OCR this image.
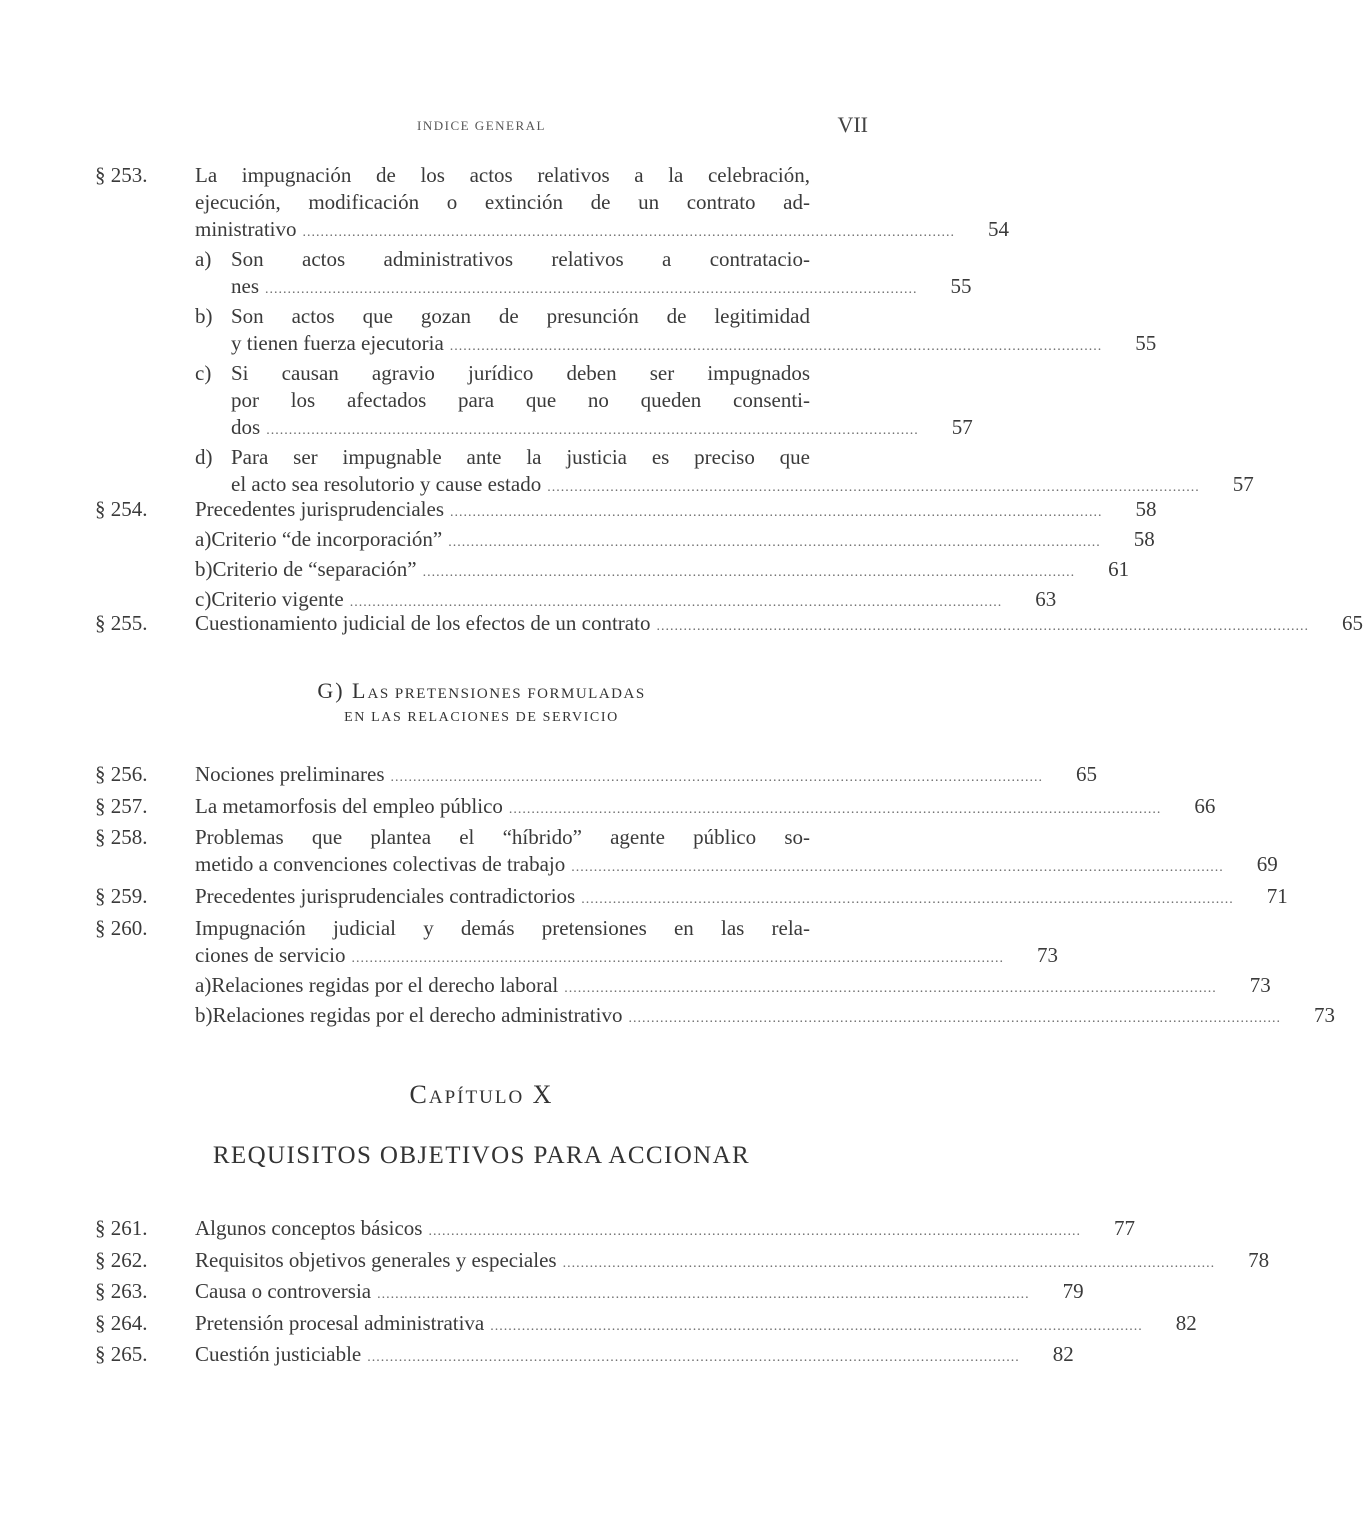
INDICE GENERAL	VII
§ 253.	La impugnación de los actos relativos a la celebración,
ejecución, modificación o extinción de un contrato ad-
ministrativo .................................................................................................................................................	54
a) Son actos administrativos relativos a contratacio-
nes .................................................................................................................................................	55
b) Son actos que gozan de presunción de legitimidad
y tienen fuerza ejecutoria .................................................................................................................................................	55
c) Si causan agravio jurídico deben ser impugnados
por los afectados para que no queden consenti-
dos .................................................................................................................................................	57
d) Para ser impugnable ante la justicia es preciso que
el acto sea resolutorio y cause estado .................................................................................................................................................	57
§ 254.	Precedentes jurisprudenciales .................................................................................................................................................	58
a) Criterio “de incorporación” .................................................................................................................................................	58
b) Criterio de “separación” .................................................................................................................................................	61
c) Criterio vigente .................................................................................................................................................	63
§ 255.	Cuestionamiento judicial de los efectos de un contrato .................................................................................................................................................	65
G) LAS PRETENSIONES FORMULADAS
EN LAS RELACIONES DE SERVICIO
§ 256.	Nociones preliminares .................................................................................................................................................	65
§ 257.	La metamorfosis del empleo público .................................................................................................................................................	66
§ 258.	Problemas que plantea el “híbrido” agente público so-
metido a convenciones colectivas de trabajo .................................................................................................................................................	69
§ 259.	Precedentes jurisprudenciales contradictorios .................................................................................................................................................	71
§ 260.	Impugnación judicial y demás pretensiones en las rela-
ciones de servicio .................................................................................................................................................	73
a) Relaciones regidas por el derecho laboral .................................................................................................................................................	73
b) Relaciones regidas por el derecho administrativo .................................................................................................................................................	73
CAPÍTULO X
REQUISITOS OBJETIVOS PARA ACCIONAR
§ 261.	Algunos conceptos básicos .................................................................................................................................................	77
§ 262.	Requisitos objetivos generales y especiales .................................................................................................................................................	78
§ 263.	Causa o controversia .................................................................................................................................................	79
§ 264.	Pretensión procesal administrativa .................................................................................................................................................	82
§ 265.	Cuestión justiciable .................................................................................................................................................	82
